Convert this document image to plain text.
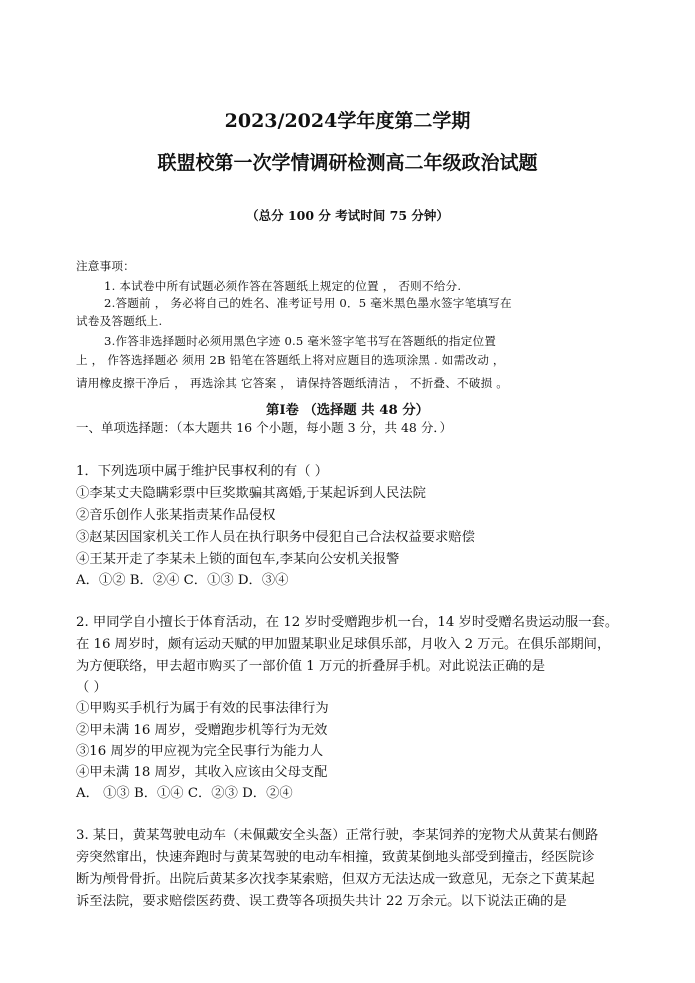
2023/2024学年度第二学期
联盟校第一次学情调研检测高二年级政治试题
（总分 100 分 考试时间 75 分钟）
注意事项：
1. 本试卷中所有试题必须作答在答题纸上规定的位置 ， 否则不给分.
2.答题前 ， 务必将自己的姓名、准考证号用 0．5 毫米黑色墨水签字笔填写在
试卷及答题纸上.
3.作答非选择题时必须用黑色字迹 0.5 毫米签字笔书写在答题纸的指定位置
上 ， 作答选择题必 须用 2B 铅笔在答题纸上将对应题目的选项涂黑 . 如需改动 ，
请用橡皮擦干净后 ， 再选涂其 它答案 ， 请保持答题纸清洁 ， 不折叠、不破损 。
第Ⅰ卷 （选择题 共 48 分）
一、单项选择题：（本大题共 16 个小题，每小题 3 分，共 48 分．）
1．下列选项中属于维护民事权利的有（ ）
①李某丈夫隐瞒彩票中巨奖欺骗其离婚,于某起诉到人民法院
②音乐创作人张某指责某作品侵权
③赵某因国家机关工作人员在执行职务中侵犯自己合法权益要求赔偿
④王某开走了李某未上锁的面包车,李某向公安机关报警
A．①② B．②④ C．①③ D．③④
2. 甲同学自小擅长于体育活动，在 12 岁时受赠跑步机一台，14 岁时受赠名贵运动服一套。
在 16 周岁时，颇有运动天赋的甲加盟某职业足球俱乐部，月收入 2 万元。在俱乐部期间，
为方便联络，甲去超市购买了一部价值 1 万元的折叠屏手机。对此说法正确的是
（ ）
①甲购买手机行为属于有效的民事法律行为
②甲未满 16 周岁，受赠跑步机等行为无效
③16 周岁的甲应视为完全民事行为能力人
④甲未满 18 周岁，其收入应该由父母支配
A． ①③ B．①④ C．②③ D．②④
3. 某日，黄某驾驶电动车（未佩戴安全头盔）正常行驶，李某饲养的宠物犬从黄某右侧路
旁突然窜出，快速奔跑时与黄某驾驶的电动车相撞，致黄某倒地头部受到撞击，经医院诊
断为颅骨骨折。出院后黄某多次找李某索赔，但双方无法达成一致意见，无奈之下黄某起
诉至法院，要求赔偿医药费、误工费等各项损失共计 22 万余元。以下说法正确的是
